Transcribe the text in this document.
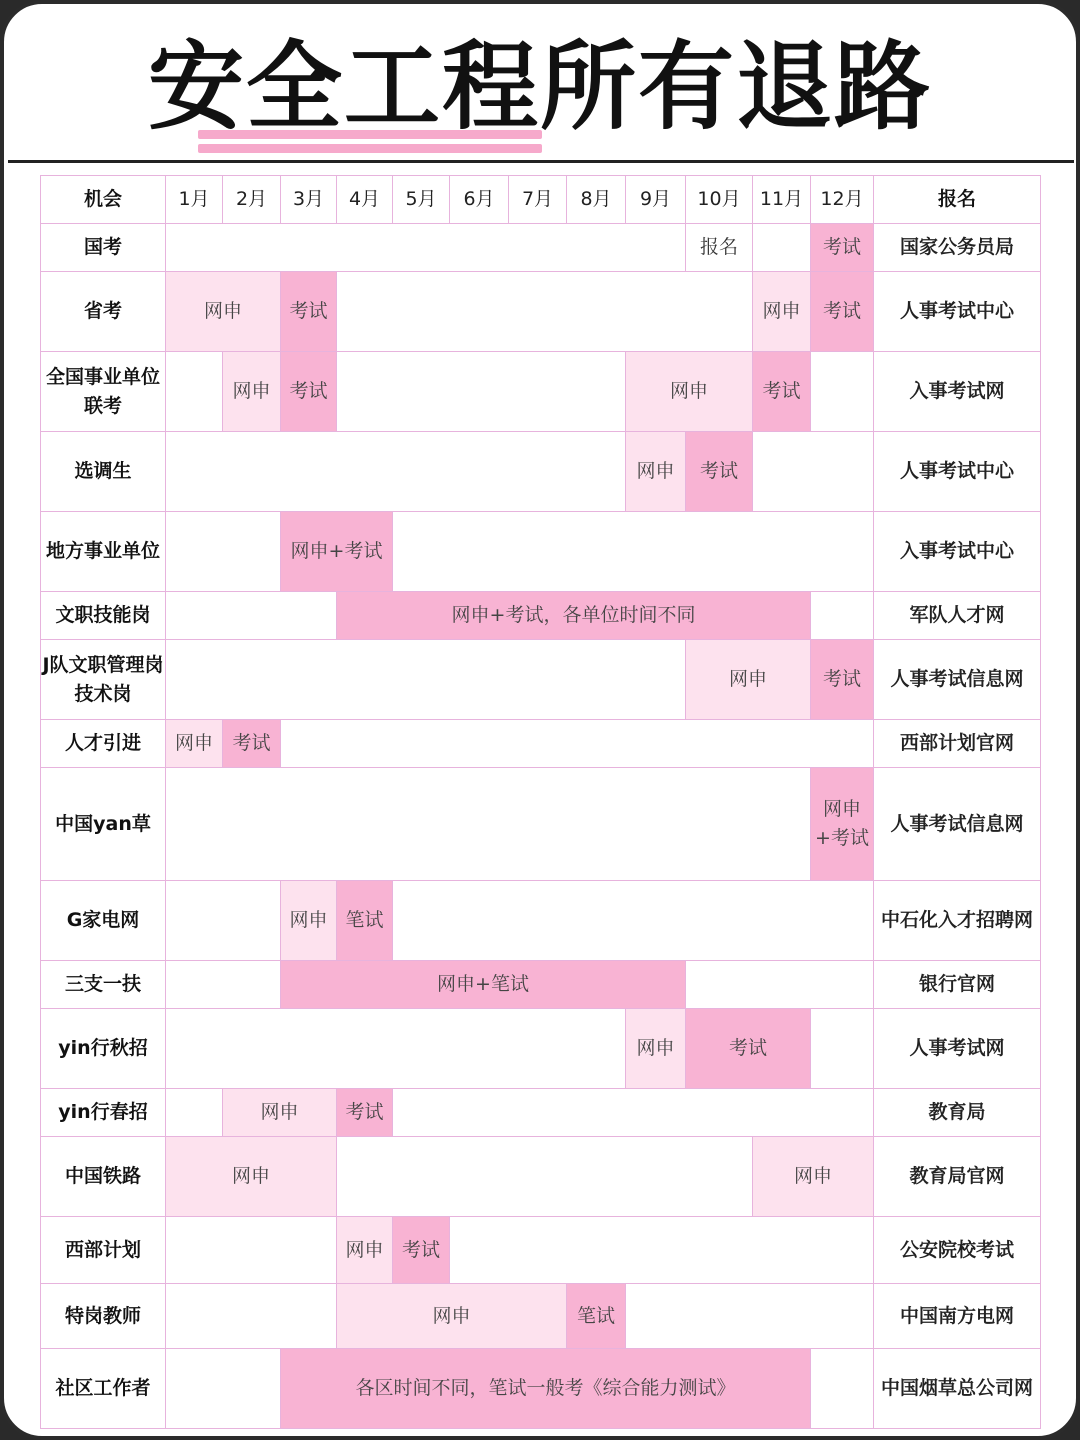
安全工程所有退路
机会	1月	2月	3月	4月	5月	6月	7月	8月	9月	10月	11月	12月	报名
国考										报名		考试	国家公务员局
省考	网申		考试								网申	考试	人事考试中心
全国事业单位联考		网申	考试						网申		考试		入事考试网
选调生									网申	考试			人事考试中心
地方事业单位			网申+考试										入事考试中心
文职技能岗				网申+考试，各单位时间不同									军队人才网
J队文职管理岗技术岗										网申		考试	人事考试信息网
人才引进	网申	考试											西部计划官网
中国yan草												网申+考试	人事考试信息网
G家电网			网申	笔试									中石化入才招聘网
三支一扶			网申+笔试										银行官网
yin行秋招									网申	考试			人事考试网
yin行春招		网申		考试									教育局
中国铁路	网申										网申		教育局官网
西部计划				网申	考试								公安院校考试
特岗教师				网申				笔试					中国南方电网
社区工作者			各区时间不同，笔试一般考《综合能力测试》										中国烟草总公司网
